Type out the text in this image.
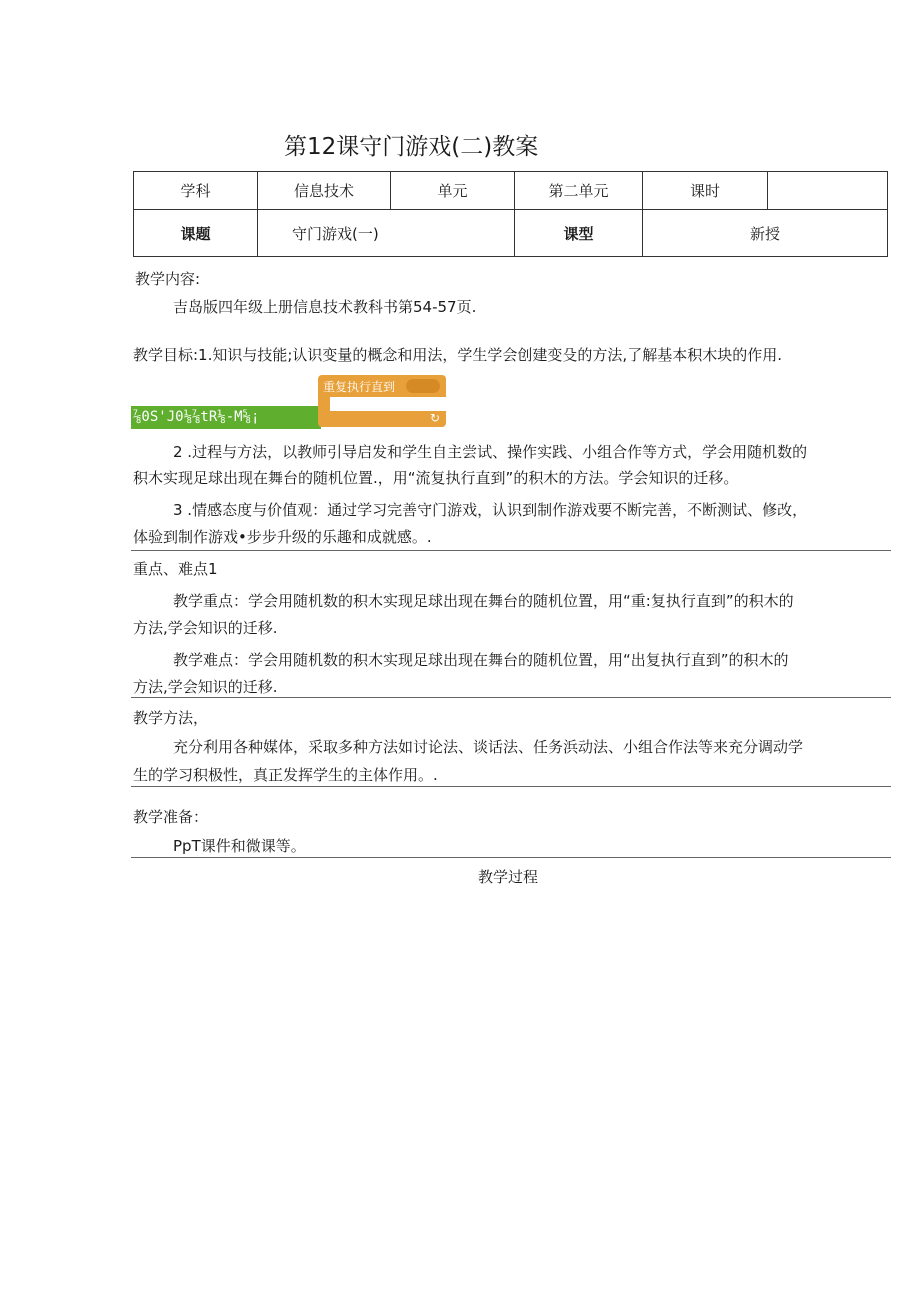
第12课守门游戏(二)教案
学科	信息技术	单元	第二单元	课时	
课题	守门游戏(一)		课型	新授	
教学内容:
吉岛版四年级上册信息技术教科书第54-57页.
教学目标:1.知识与技能;认识变量的概念和用法，学生学会创建变殳的方法,了解基本积木块的作用.
⅞0S'J0⅛⅞tR⅛-M⅝¡
重复执行直到
↻
2 .过程与方法，以教师引导启发和学生自主尝试、操作实践、小组合作等方式，学会用随机数的
积木实现足球出现在舞台的随机位置.，用“流复执行直到”的积木的方法。学会知识的迁移。
3 .情感态度与价值观：通过学习完善守门游戏，认识到制作游戏要不断完善，不断测试、修改，
体验到制作游戏•步步升级的乐趣和成就感。.
重点、难点1
教学重点：学会用随机数的积木实现足球出现在舞台的随机位置，用“重:复执行直到”的积木的
方法,学会知识的迁移.
教学难点：学会用随机数的积木实现足球出现在舞台的随机位置，用“出复执行直到”的积木的
方法,学会知识的迁移.
教学方法，
充分利用各种媒体，采取多种方法如讨论法、谈话法、任务浜动法、小组合作法等来充分调动学
生的学习积极性，真正发挥学生的主体作用。.
教学准备：
PpT课件和微课等。
教学过程
